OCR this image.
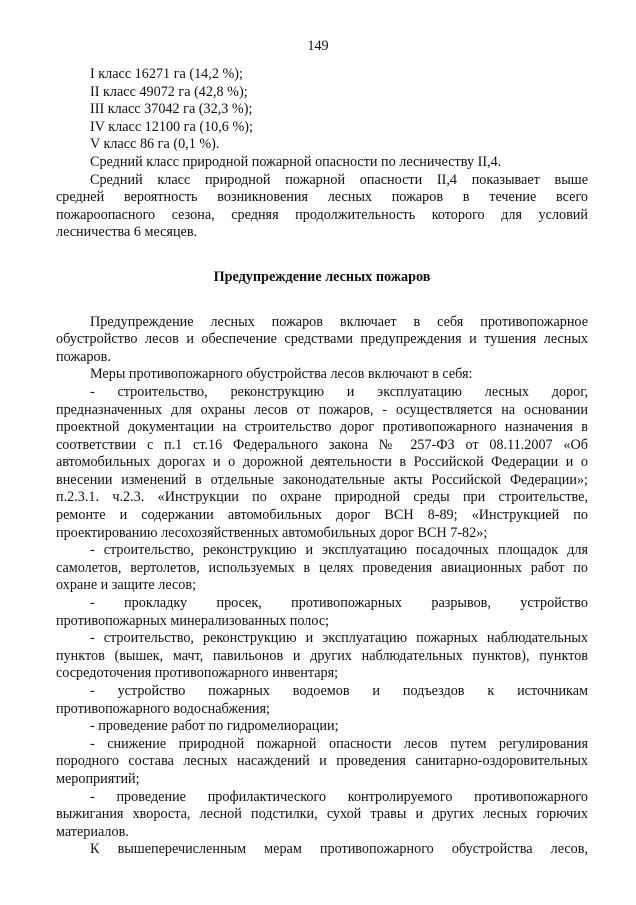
149
I класс 16271 га (14,2 %);
II класс 49072 га (42,8 %);
III класс 37042 га (32,3 %);
IV класс 12100 га (10,6 %);
V класс 86 га (0,1 %).
Средний класс природной пожарной опасности по лесничеству II,4.
Средний класс природной пожарной опасности II,4 показывает выше
средней вероятность возникновения лесных пожаров в течение всего
пожароопасного сезона, средняя продолжительность которого для условий
лесничества 6 месяцев.
Предупреждение лесных пожаров
Предупреждение лесных пожаров включает в себя противопожарное
обустройство лесов и обеспечение средствами предупреждения и тушения лесных
пожаров.
Меры противопожарного обустройства лесов включают в себя:
- строительство, реконструкцию и эксплуатацию лесных дорог,
предназначенных для охраны лесов от пожаров, - осуществляется на основании
проектной документации на строительство дорог противопожарного назначения в
соответствии с п.1 ст.16 Федерального закона № 257-ФЗ от 08.11.2007 «Об
автомобильных дорогах и о дорожной деятельности в Российской Федерации и о
внесении изменений в отдельные законодательные акты Российской Федерации»;
п.2.3.1. ч.2.3. «Инструкции по охране природной среды при строительстве,
ремонте и содержании автомобильных дорог ВСН 8-89; «Инструкцией по
проектированию лесохозяйственных автомобильных дорог ВСН 7-82»;
- строительство, реконструкцию и эксплуатацию посадочных площадок для
самолетов, вертолетов, используемых в целях проведения авиационных работ по
охране и защите лесов;
- прокладку просек, противопожарных разрывов, устройство
противопожарных минерализованных полос;
- строительство, реконструкцию и эксплуатацию пожарных наблюдательных
пунктов (вышек, мачт, павильонов и других наблюдательных пунктов), пунктов
сосредоточения противопожарного инвентаря;
- устройство пожарных водоемов и подъездов к источникам
противопожарного водоснабжения;
- проведение работ по гидромелиорации;
- снижение природной пожарной опасности лесов путем регулирования
породного состава лесных насаждений и проведения санитарно-оздоровительных
мероприятий;
- проведение профилактического контролируемого противопожарного
выжигания хвороста, лесной подстилки, сухой травы и других лесных горючих
материалов.
К вышеперечисленным мерам противопожарного обустройства лесов,
